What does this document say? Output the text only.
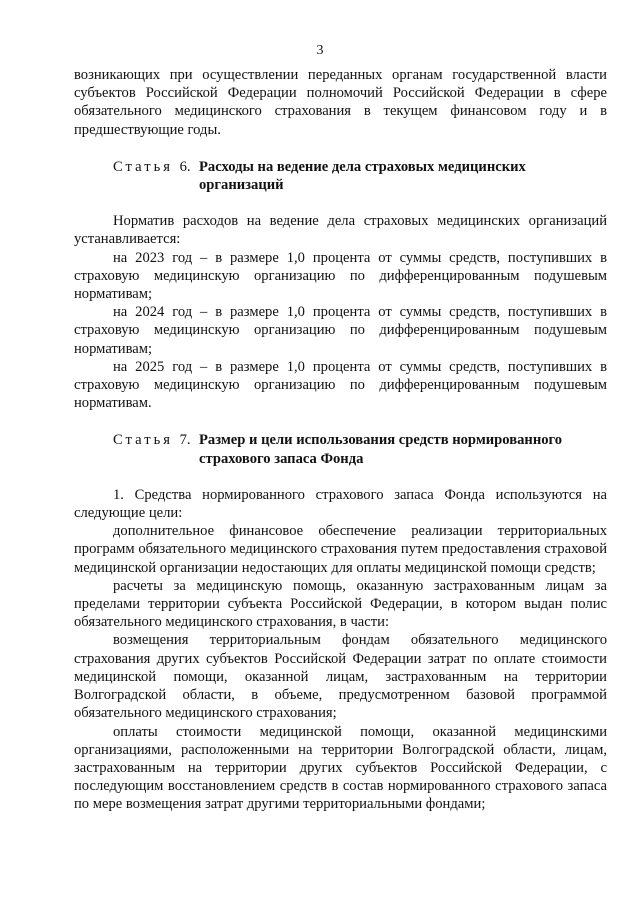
3

возникающих при осуществлении переданных органам государственной власти субъектов Российской Федерации полномочий Российской Федерации в сфере обязательного медицинского страхования в текущем финансовом году и в предшествующие годы.

Статья 6. Расходы на ведение дела страховых медицинских организаций

Норматив расходов на ведение дела страховых медицинских организаций устанавливается:

на 2023 год – в размере 1,0 процента от суммы средств, поступивших в страховую медицинскую организацию по дифференцированным подушевым нормативам;

на 2024 год – в размере 1,0 процента от суммы средств, поступивших в страховую медицинскую организацию по дифференцированным подушевым нормативам;

на 2025 год – в размере 1,0 процента от суммы средств, поступивших в страховую медицинскую организацию по дифференцированным подушевым нормативам.

Статья 7. Размер и цели использования средств нормированного страхового запаса Фонда

1. Средства нормированного страхового запаса Фонда используются на следующие цели:

дополнительное финансовое обеспечение реализации территориальных программ обязательного медицинского страхования путем предоставления страховой медицинской организации недостающих для оплаты медицинской помощи средств;

расчеты за медицинскую помощь, оказанную застрахованным лицам за пределами территории субъекта Российской Федерации, в котором выдан полис обязательного медицинского страхования, в части:

возмещения территориальным фондам обязательного медицинского страхования других субъектов Российской Федерации затрат по оплате стоимости медицинской помощи, оказанной лицам, застрахованным на территории Волгоградской области, в объеме, предусмотренном базовой программой обязательного медицинского страхования;

оплаты стоимости медицинской помощи, оказанной медицинскими организациями, расположенными на территории Волгоградской области, лицам, застрахованным на территории других субъектов Российской Федерации, с последующим восстановлением средств в состав нормированного страхового запаса по мере возмещения затрат другими территориальными фондами;
